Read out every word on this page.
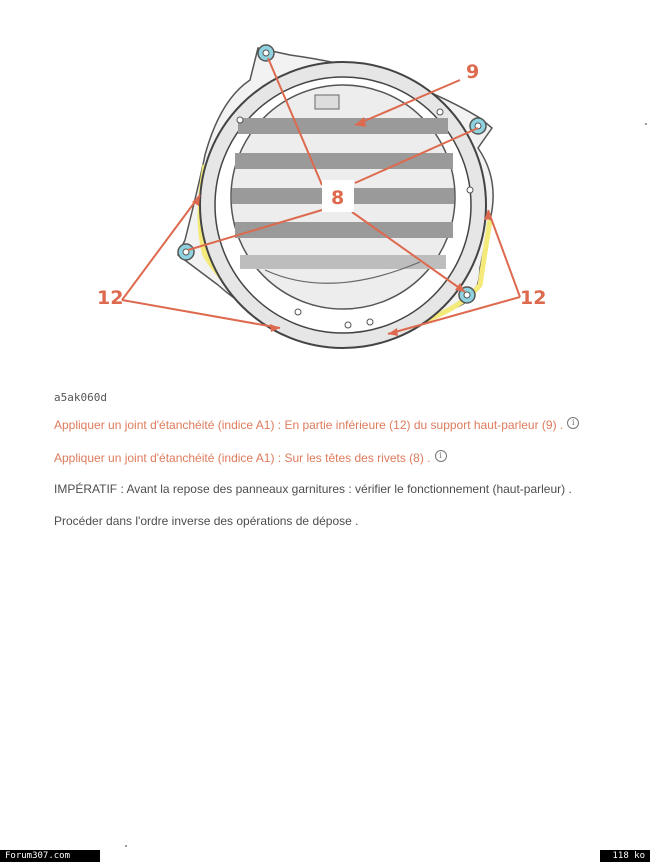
9
8
12	12
a5ak060d
Appliquer un joint d'étanchéité (indice A1) : En partie inférieure (12) du support haut-parleur (9) . i
Appliquer un joint d'étanchéité (indice A1) : Sur les têtes des rivets (8) . i
IMPÉRATIF : Avant la repose des panneaux garnitures : vérifier le fonctionnement (haut-parleur) .
Procéder dans l'ordre inverse des opérations de dépose .
Forum307.com	118 ko
